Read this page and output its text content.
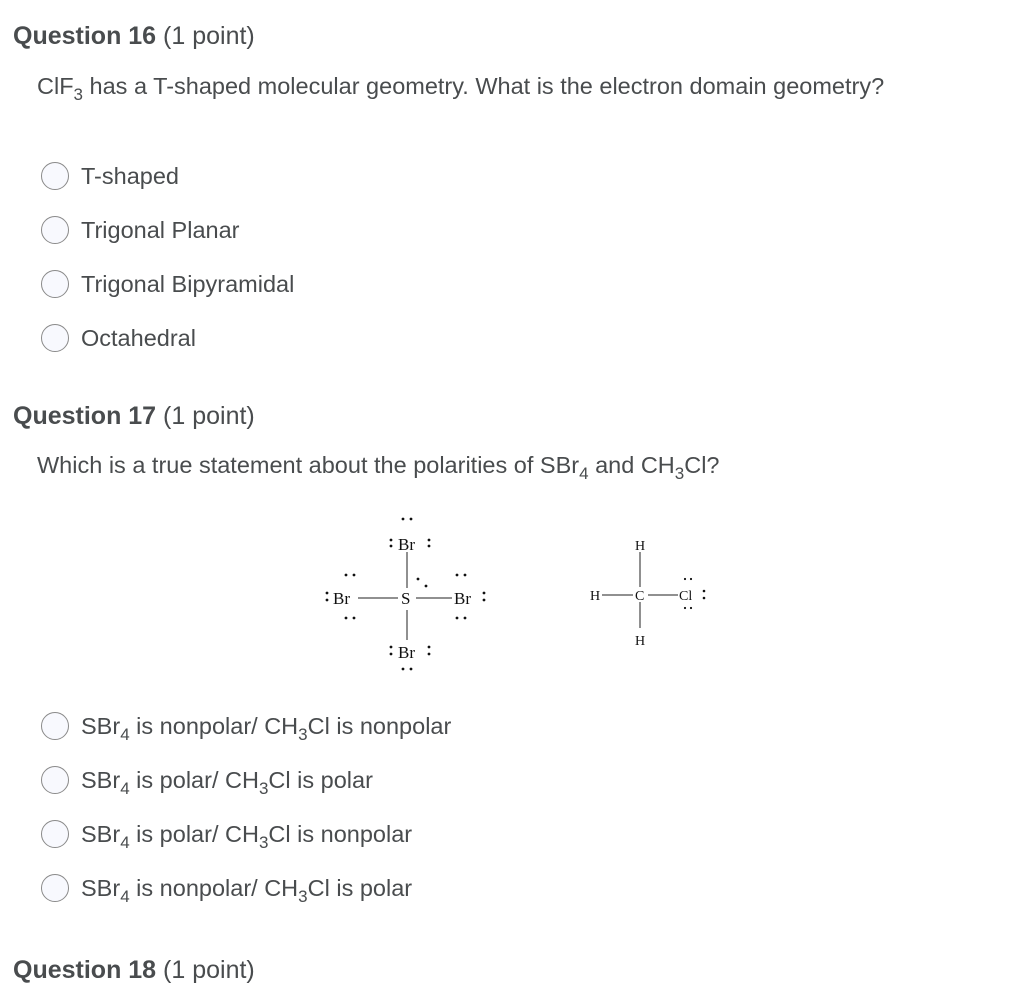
Question 16 (1 point)
ClF$_3$ has a T-shaped molecular geometry. What is the electron domain geometry?
T-shaped
Trigonal Planar
Trigonal Bipyramidal
Octahedral
Question 17 (1 point)
Which is a true statement about the polarities of SBr$_4$ and $CH_3Cl$?
Br
S
Br	Br
Br
H
H C
H
Cl
SBr$_4$ is nonpolar/ $CH_3Cl$ is nonpolar
SBr$_4$ is polar/ $CH_3Cl$ is polar
SBr$_4$ is polar/ $CH_3Cl$ is nonpolar
SBr$_4$ is nonpolar/ $CH_3Cl$ is polar
Question 18 (1 point)
